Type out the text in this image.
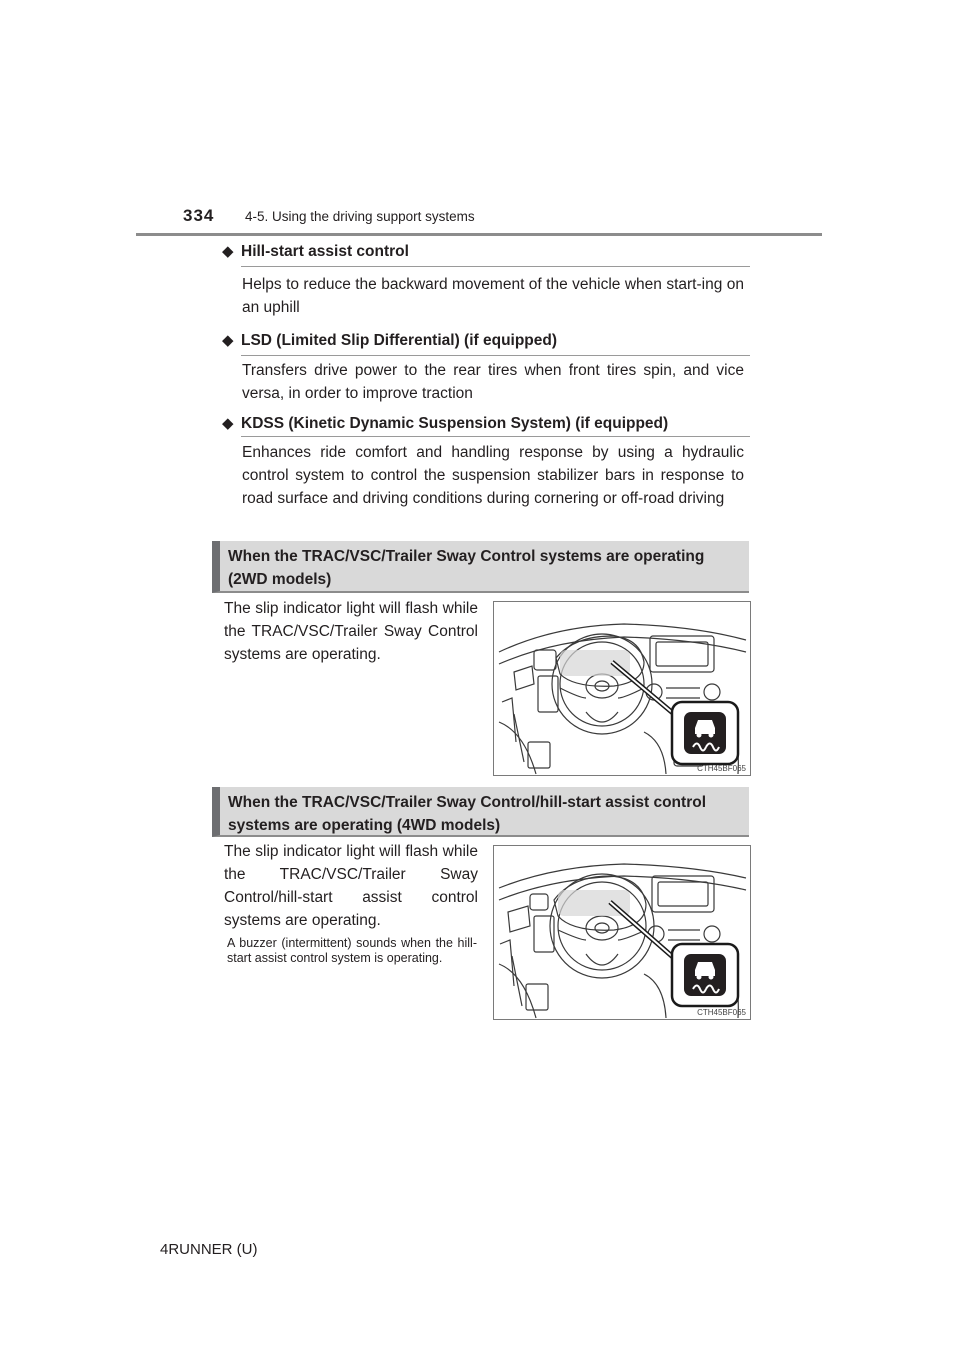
334 4-5. Using the driving support systems
◆ Hill-start assist control
Helps to reduce the backward movement of the vehicle when start-ing on an uphill
◆ LSD (Limited Slip Differential) (if equipped)
Transfers drive power to the rear tires when front tires spin, and vice versa, in order to improve traction
◆ KDSS (Kinetic Dynamic Suspension System) (if equipped)
Enhances ride comfort and handling response by using a hydraulic control system to control the suspension stabilizer bars in response to road surface and driving conditions during cornering or off-road driving
When the TRAC/VSC/Trailer Sway Control systems are operating (2WD models)
The slip indicator light will flash while the TRAC/VSC/Trailer Sway Control systems are operating.
CTH45BF065
When the TRAC/VSC/Trailer Sway Control/hill-start assist control systems are operating (4WD models)
The slip indicator light will flash while the TRAC/VSC/Trailer Sway Control/hill-start assist control systems are operating.
A buzzer (intermittent) sounds when the hill-start assist control system is operating.
CTH45BF065
4RUNNER (U)
